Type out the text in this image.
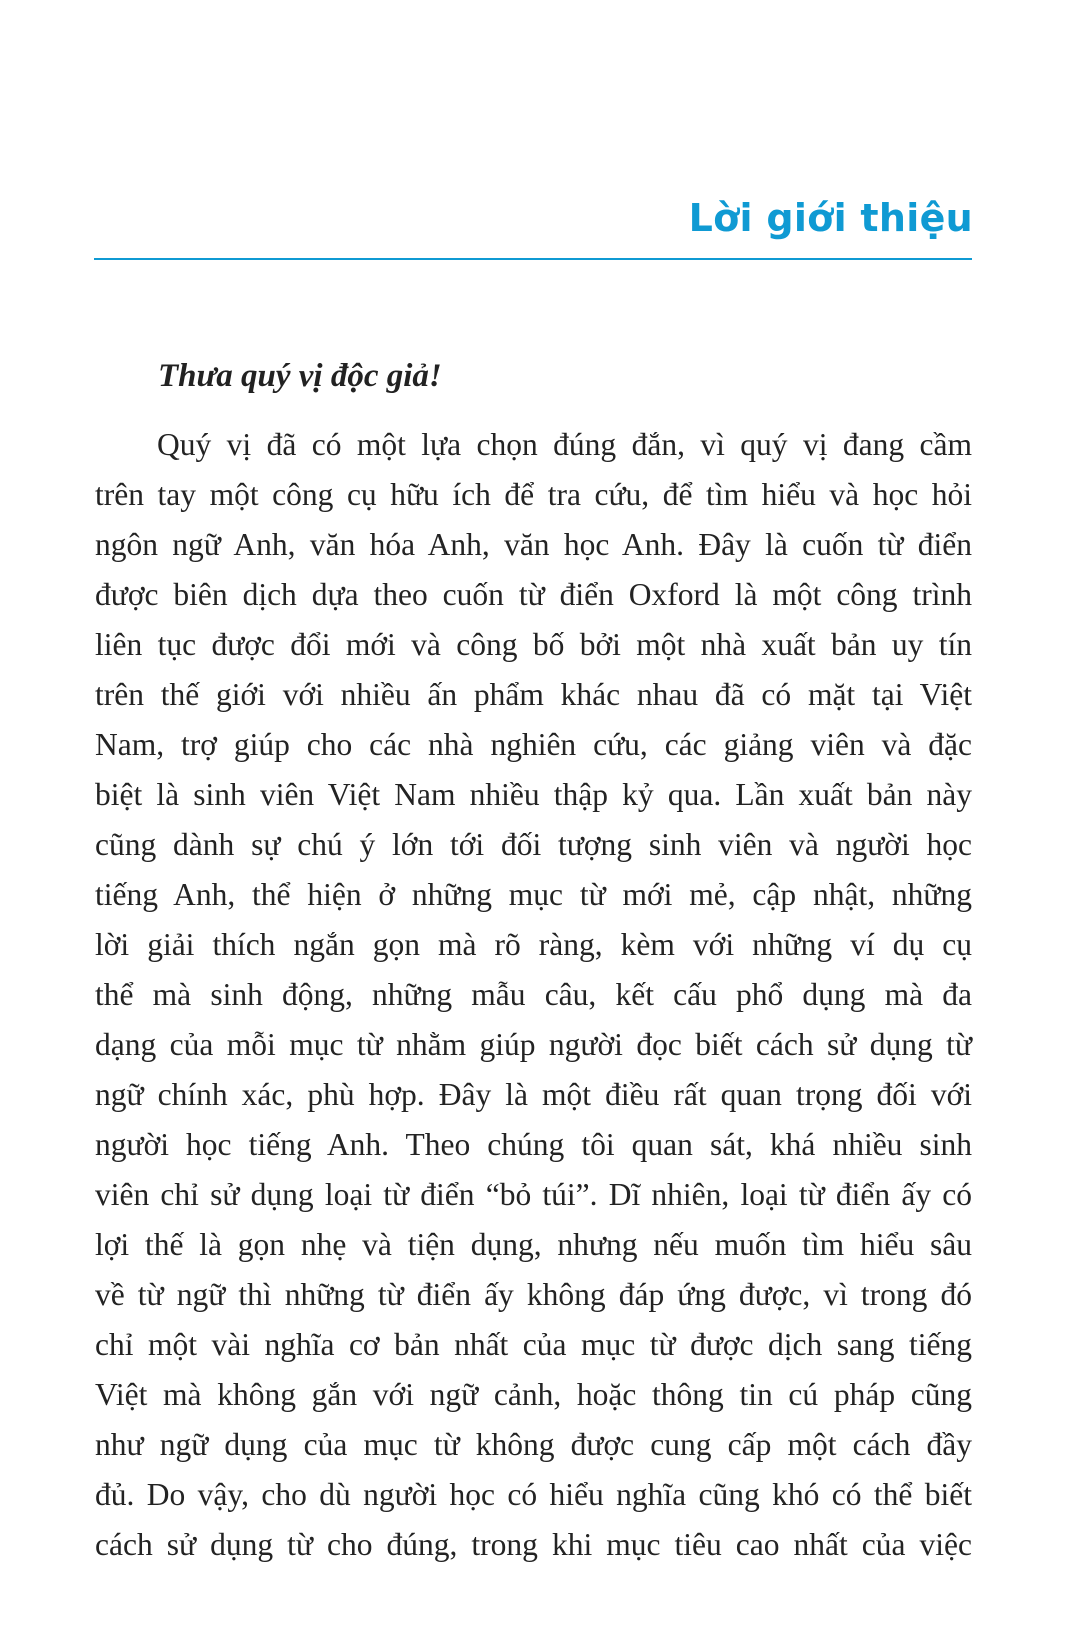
Lời giới thiệu

Thưa quý vị độc giả!

Quý vị đã có một lựa chọn đúng đắn, vì quý vị đang cầm
trên tay một công cụ hữu ích để tra cứu, để tìm hiểu và học hỏi
ngôn ngữ Anh, văn hóa Anh, văn học Anh. Đây là cuốn từ điển
được biên dịch dựa theo cuốn từ điển Oxford là một công trình
liên tục được đổi mới và công bố bởi một nhà xuất bản uy tín
trên thế giới với nhiều ấn phẩm khác nhau đã có mặt tại Việt
Nam, trợ giúp cho các nhà nghiên cứu, các giảng viên và đặc
biệt là sinh viên Việt Nam nhiều thập kỷ qua. Lần xuất bản này
cũng dành sự chú ý lớn tới đối tượng sinh viên và người học
tiếng Anh, thể hiện ở những mục từ mới mẻ, cập nhật, những
lời giải thích ngắn gọn mà rõ ràng, kèm với những ví dụ cụ
thể mà sinh động, những mẫu câu, kết cấu phổ dụng mà đa
dạng của mỗi mục từ nhằm giúp người đọc biết cách sử dụng từ
ngữ chính xác, phù hợp. Đây là một điều rất quan trọng đối với
người học tiếng Anh. Theo chúng tôi quan sát, khá nhiều sinh
viên chỉ sử dụng loại từ điển “bỏ túi”. Dĩ nhiên, loại từ điển ấy có
lợi thế là gọn nhẹ và tiện dụng, nhưng nếu muốn tìm hiểu sâu
về từ ngữ thì những từ điển ấy không đáp ứng được, vì trong đó
chỉ một vài nghĩa cơ bản nhất của mục từ được dịch sang tiếng
Việt mà không gắn với ngữ cảnh, hoặc thông tin cú pháp cũng
như ngữ dụng của mục từ không được cung cấp một cách đầy
đủ. Do vậy, cho dù người học có hiểu nghĩa cũng khó có thể biết
cách sử dụng từ cho đúng, trong khi mục tiêu cao nhất của việc
